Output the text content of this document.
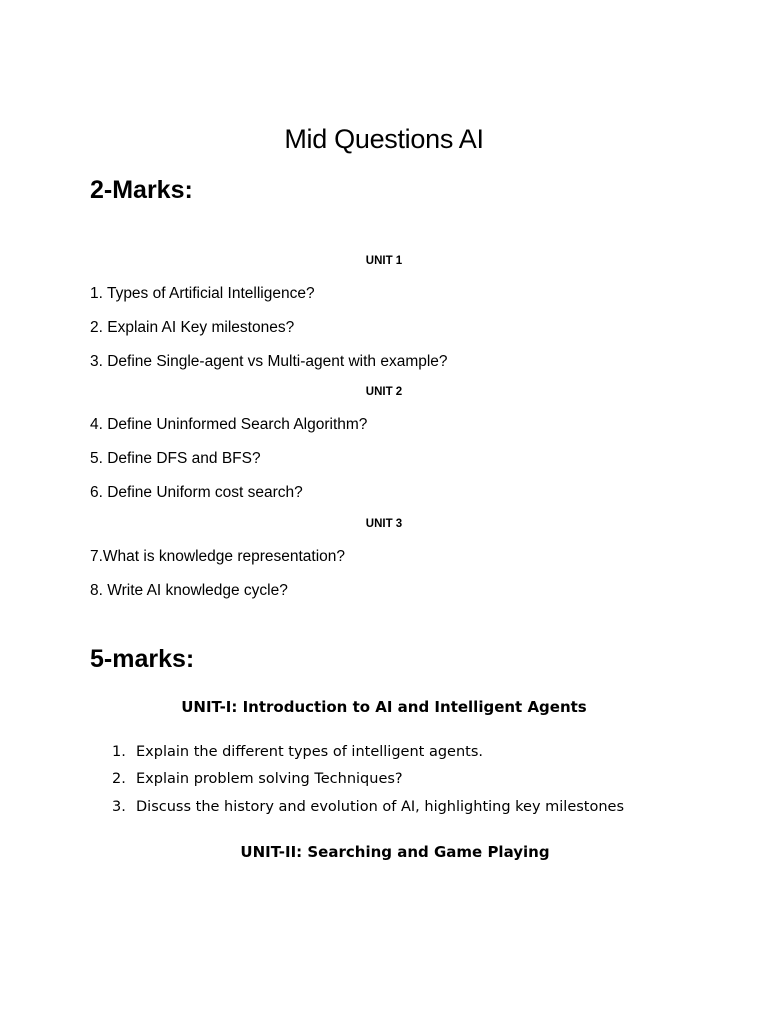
Mid Questions AI
2-Marks:
UNIT 1
1. Types of Artificial Intelligence?
2. Explain AI Key milestones?
3. Define Single-agent vs Multi-agent with example?
UNIT 2
4. Define Uninformed Search Algorithm?
5. Define DFS and BFS?
6. Define Uniform cost search?
UNIT 3
7.What is knowledge representation?
8. Write AI knowledge cycle?
5-marks:
UNIT-I: Introduction to AI and Intelligent Agents
1. Explain the different types of intelligent agents.
2. Explain problem solving Techniques?
3. Discuss the history and evolution of AI, highlighting key milestones
UNIT-II: Searching and Game Playing
